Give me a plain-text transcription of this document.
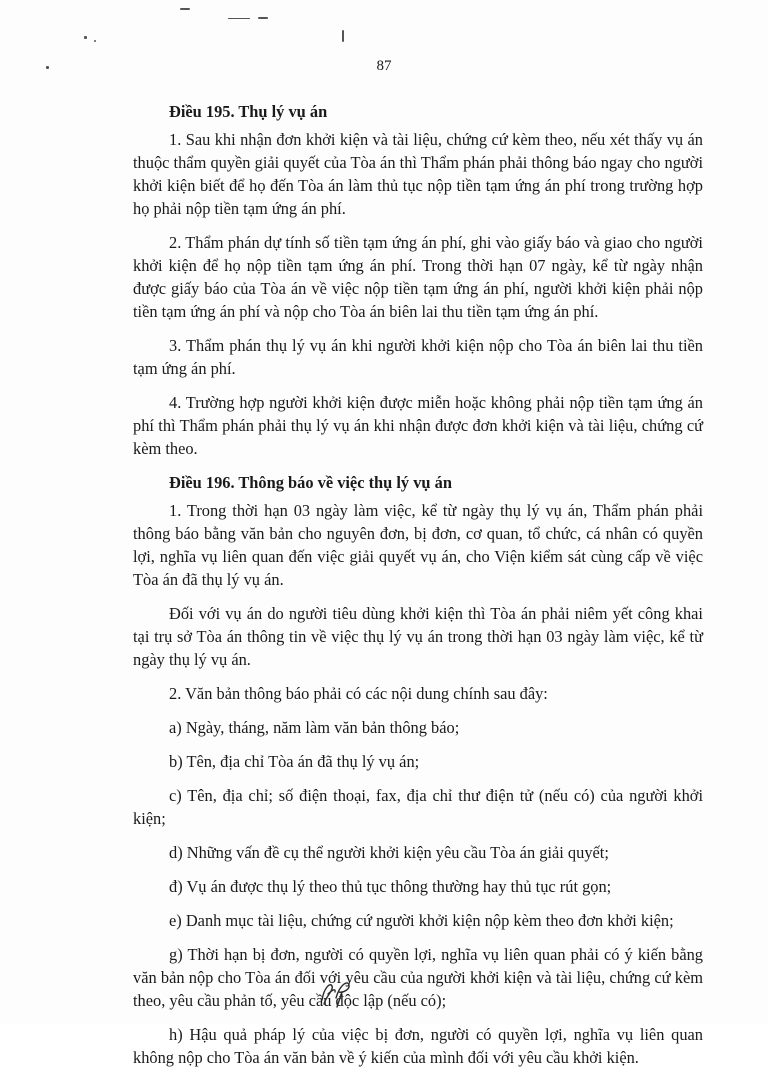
87

Điều 195. Thụ lý vụ án

1. Sau khi nhận đơn khởi kiện và tài liệu, chứng cứ kèm theo, nếu xét thấy vụ án thuộc thẩm quyền giải quyết của Tòa án thì Thẩm phán phải thông báo ngay cho người khởi kiện biết để họ đến Tòa án làm thủ tục nộp tiền tạm ứng án phí trong trường hợp họ phải nộp tiền tạm ứng án phí.

2. Thẩm phán dự tính số tiền tạm ứng án phí, ghi vào giấy báo và giao cho người khởi kiện để họ nộp tiền tạm ứng án phí. Trong thời hạn 07 ngày, kể từ ngày nhận được giấy báo của Tòa án về việc nộp tiền tạm ứng án phí, người khởi kiện phải nộp tiền tạm ứng án phí và nộp cho Tòa án biên lai thu tiền tạm ứng án phí.

3. Thẩm phán thụ lý vụ án khi người khởi kiện nộp cho Tòa án biên lai thu tiền tạm ứng án phí.

4. Trường hợp người khởi kiện được miễn hoặc không phải nộp tiền tạm ứng án phí thì Thẩm phán phải thụ lý vụ án khi nhận được đơn khởi kiện và tài liệu, chứng cứ kèm theo.

Điều 196. Thông báo về việc thụ lý vụ án

1. Trong thời hạn 03 ngày làm việc, kể từ ngày thụ lý vụ án, Thẩm phán phải thông báo bằng văn bản cho nguyên đơn, bị đơn, cơ quan, tổ chức, cá nhân có quyền lợi, nghĩa vụ liên quan đến việc giải quyết vụ án, cho Viện kiểm sát cùng cấp về việc Tòa án đã thụ lý vụ án.

Đối với vụ án do người tiêu dùng khởi kiện thì Tòa án phải niêm yết công khai tại trụ sở Tòa án thông tin về việc thụ lý vụ án trong thời hạn 03 ngày làm việc, kể từ ngày thụ lý vụ án.

2. Văn bản thông báo phải có các nội dung chính sau đây:

a) Ngày, tháng, năm làm văn bản thông báo;

b) Tên, địa chỉ Tòa án đã thụ lý vụ án;

c) Tên, địa chỉ; số điện thoại, fax, địa chỉ thư điện tử (nếu có) của người khởi kiện;

d) Những vấn đề cụ thể người khởi kiện yêu cầu Tòa án giải quyết;

đ) Vụ án được thụ lý theo thủ tục thông thường hay thủ tục rút gọn;

e) Danh mục tài liệu, chứng cứ người khởi kiện nộp kèm theo đơn khởi kiện;

g) Thời hạn bị đơn, người có quyền lợi, nghĩa vụ liên quan phải có ý kiến bằng văn bản nộp cho Tòa án đối với yêu cầu của người khởi kiện và tài liệu, chứng cứ kèm theo, yêu cầu phản tố, yêu cầu độc lập (nếu có);

h) Hậu quả pháp lý của việc bị đơn, người có quyền lợi, nghĩa vụ liên quan không nộp cho Tòa án văn bản về ý kiến của mình đối với yêu cầu khởi kiện.
